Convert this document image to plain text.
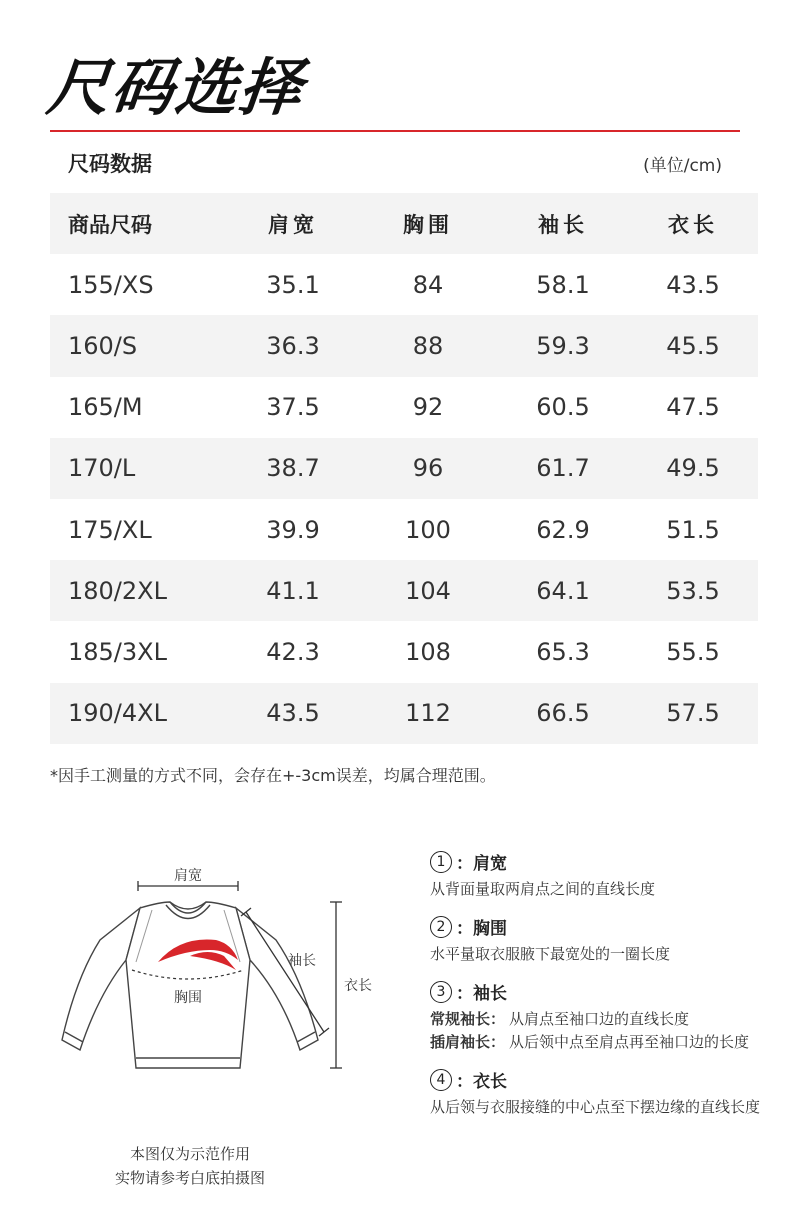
尺码选择
尺码数据	(单位/cm)
商品尺码	肩宽	胸围	袖长	衣长
155/XS	35.1	84	58.1	43.5
160/S	36.3	88	59.3	45.5
165/M	37.5	92	60.5	47.5
170/L	38.7	96	61.7	49.5
175/XL	39.9	100	62.9	51.5
180/2XL	41.1	104	64.1	53.5
185/3XL	42.3	108	65.3	55.5
190/4XL	43.5	112	66.5	57.5
*因手工测量的方式不同，会存在+-3cm误差，均属合理范围。
肩宽
胸围
袖长
衣长
本图仅为示范作用
实物请参考白底拍摄图
1 ：肩宽
从背面量取两肩点之间的直线长度
2 ：胸围
水平量取衣服腋下最宽处的一圈长度
3 ：袖长
常规袖长： 从肩点至袖口边的直线长度
插肩袖长： 从后领中点至肩点再至袖口边的长度
4 ：衣长
从后领与衣服接缝的中心点至下摆边缘的直线长度
